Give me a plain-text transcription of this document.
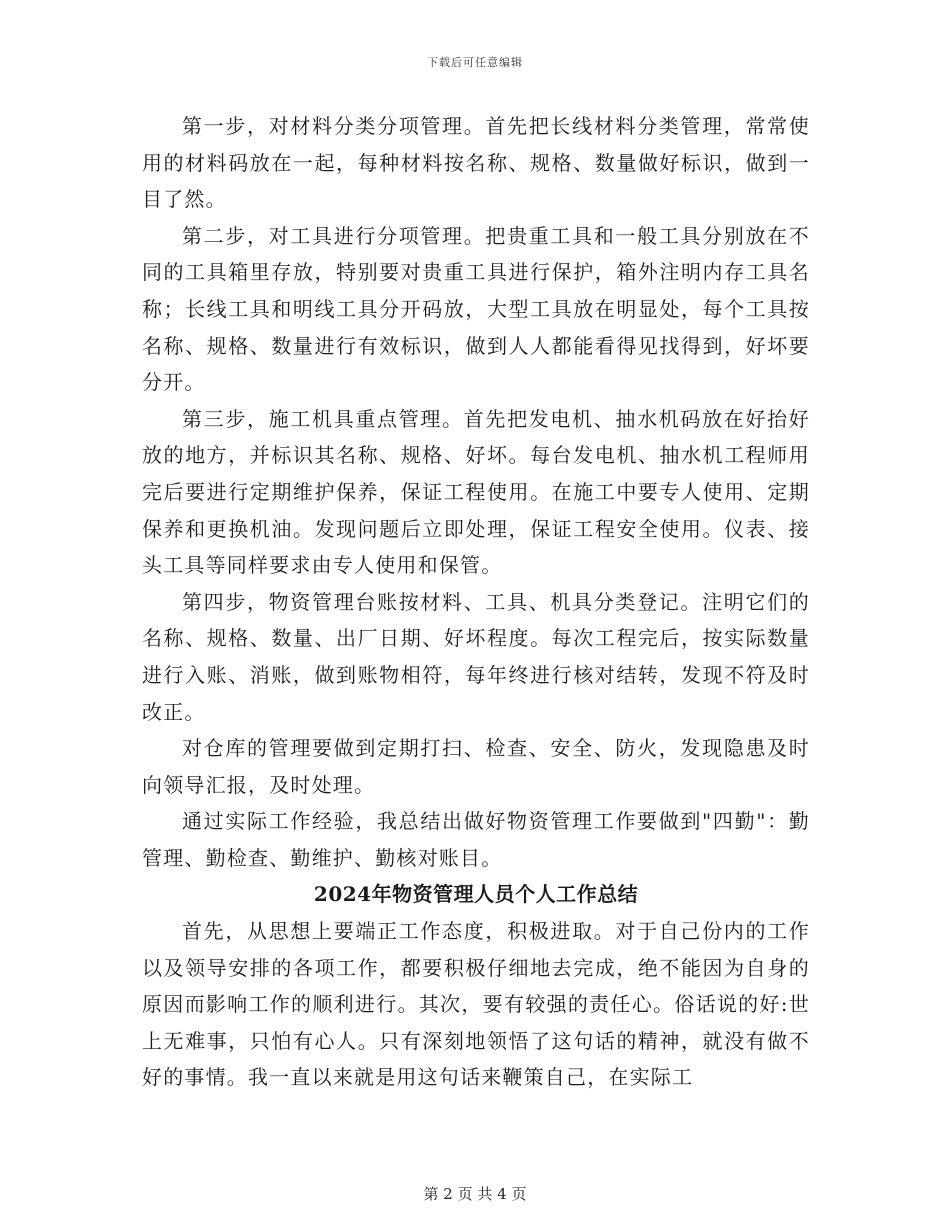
下载后可任意编辑

第一步，对材料分类分项管理。首先把长线材料分类管理，常常使用的材料码放在一起，每种材料按名称、规格、数量做好标识，做到一目了然。

第二步，对工具进行分项管理。把贵重工具和一般工具分别放在不同的工具箱里存放，特别要对贵重工具进行保护，箱外注明内存工具名称；长线工具和明线工具分开码放，大型工具放在明显处，每个工具按名称、规格、数量进行有效标识，做到人人都能看得见找得到，好坏要分开。

第三步，施工机具重点管理。首先把发电机、抽水机码放在好抬好放的地方，并标识其名称、规格、好坏。每台发电机、抽水机工程师用完后要进行定期维护保养，保证工程使用。在施工中要专人使用、定期保养和更换机油。发现问题后立即处理，保证工程安全使用。仪表、接头工具等同样要求由专人使用和保管。

第四步，物资管理台账按材料、工具、机具分类登记。注明它们的名称、规格、数量、出厂日期、好坏程度。每次工程完后，按实际数量进行入账、消账，做到账物相符，每年终进行核对结转，发现不符及时改正。

对仓库的管理要做到定期打扫、检查、安全、防火，发现隐患及时向领导汇报，及时处理。

通过实际工作经验，我总结出做好物资管理工作要做到"四勤"：勤管理、勤检查、勤维护、勤核对账目。

2024年物资管理人员个人工作总结

首先，从思想上要端正工作态度，积极进取。对于自己份内的工作以及领导安排的各项工作，都要积极仔细地去完成，绝不能因为自身的原因而影响工作的顺利进行。其次，要有较强的责任心。俗话说的好:世上无难事，只怕有心人。只有深刻地领悟了这句话的精神，就没有做不好的事情。我一直以来就是用这句话来鞭策自己，在实际工

第 2 页 共 4 页
